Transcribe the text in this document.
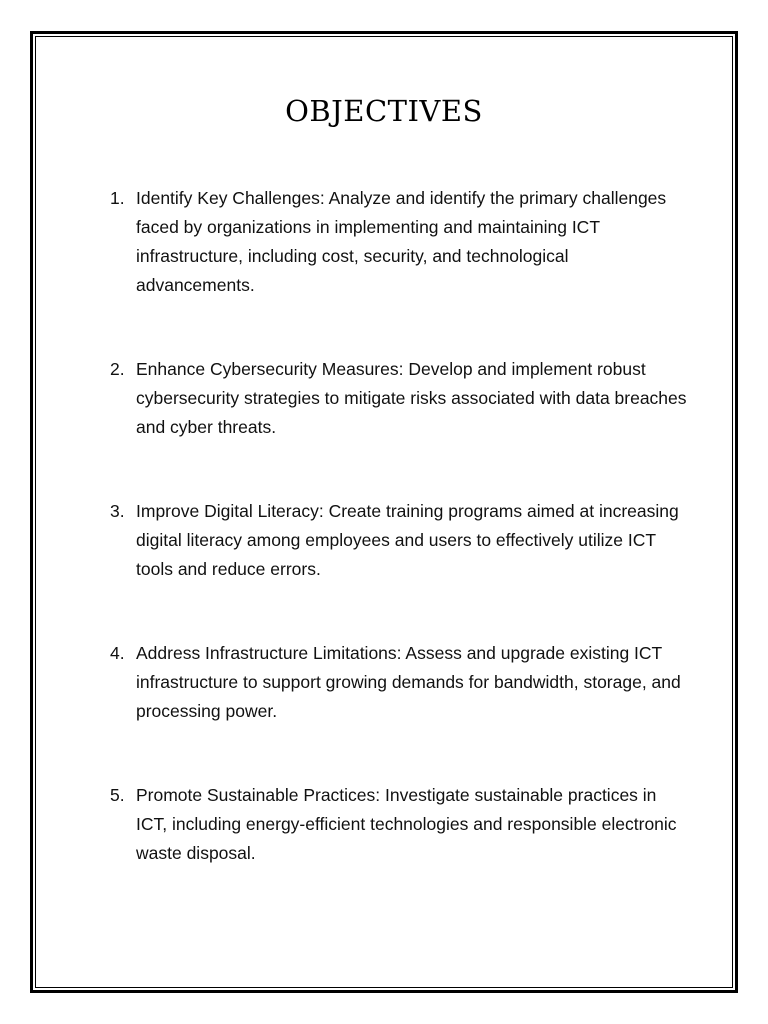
OBJECTIVES
1. Identify Key Challenges: Analyze and identify the primary challenges faced by organizations in implementing and maintaining ICT infrastructure, including cost, security, and technological advancements.
2. Enhance Cybersecurity Measures: Develop and implement robust cybersecurity strategies to mitigate risks associated with data breaches and cyber threats.
3. Improve Digital Literacy: Create training programs aimed at increasing digital literacy among employees and users to effectively utilize ICT tools and reduce errors.
4. Address Infrastructure Limitations: Assess and upgrade existing ICT infrastructure to support growing demands for bandwidth, storage, and processing power.
5. Promote Sustainable Practices: Investigate sustainable practices in ICT, including energy-efficient technologies and responsible electronic waste disposal.
